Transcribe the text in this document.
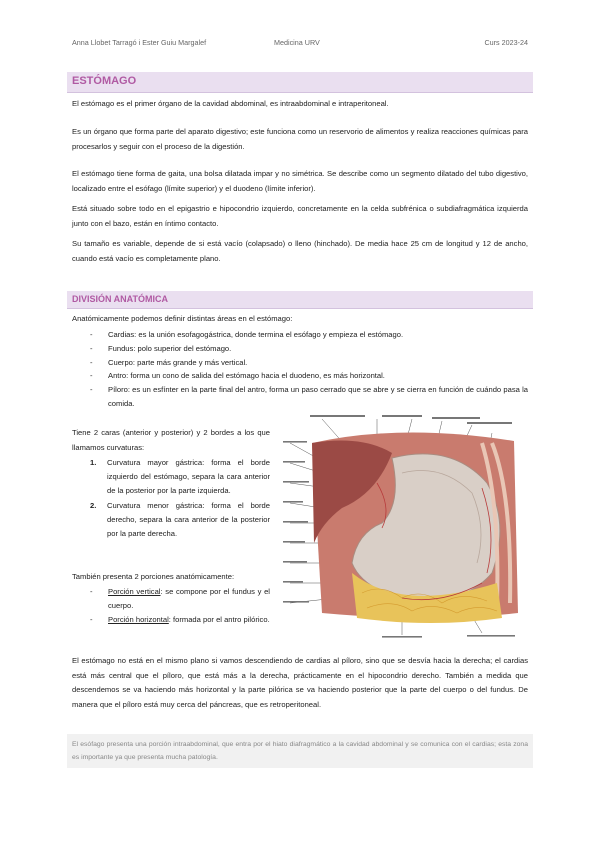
Anna Llobet Tarragó i Ester Guiu Margalef	Medicina URV	Curs 2023-24
ESTÓMAGO

El estómago es el primer órgano de la cavidad abdominal, es intraabdominal e intraperitoneal.

Es un órgano que forma parte del aparato digestivo; este funciona como un reservorio de alimentos y realiza reacciones químicas para procesarlos y seguir con el proceso de la digestión.

El estómago tiene forma de gaita, una bolsa dilatada impar y no simétrica. Se describe como un segmento dilatado del tubo digestivo, localizado entre el esófago (límite superior) y el duodeno (límite inferior).

Está situado sobre todo en el epigastrio e hipocondrio izquierdo, concretamente en la celda subfrénica o subdiafragmática izquierda junto con el bazo, están en íntimo contacto.

Su tamaño es variable, depende de si está vacío (colapsado) o lleno (hinchado). De media hace 25 cm de longitud y 12 de ancho, cuando está vacío es completamente plano.

DIVISIÓN ANATÓMICA

Anatómicamente podemos definir distintas áreas en el estómago:

- Cardias: es la unión esofagogástrica, donde termina el esófago y empieza el estómago.
- Fundus: polo superior del estómago.
- Cuerpo: parte más grande y más vertical.
- Antro: forma un cono de salida del estómago hacia el duodeno, es más horizontal.
- Píloro: es un esfínter en la parte final del antro, forma un paso cerrado que se abre y se cierra en función de cuándo pasa la comida.

Tiene 2 caras (anterior y posterior) y 2 bordes a los que llamamos curvaturas:

1. Curvatura mayor gástrica: forma el borde izquierdo del estómago, separa la cara anterior de la posterior por la parte izquierda.
2. Curvatura menor gástrica: forma el borde derecho, separa la cara anterior de la posterior por la parte derecha.

También presenta 2 porciones anatómicamente:

- Porción vertical: se compone por el fundus y el cuerpo.
- Porción horizontal: formada por el antro pilórico.

El estómago no está en el mismo plano si vamos descendiendo de cardias al píloro, sino que se desvía hacia la derecha; el cardias está más central que el píloro, que está más a la derecha, prácticamente en el hipocondrio derecho. También a medida que descendemos se va haciendo más horizontal y la parte pilórica se va haciendo posterior que la parte del cuerpo o del fundus. De manera que el píloro está muy cerca del páncreas, que es retroperitoneal.

El esófago presenta una porción intraabdominal, que entra por el hiato diafragmático a la cavidad abdominal y se comunica con el cardias; esta zona es importante ya que presenta mucha patología.
